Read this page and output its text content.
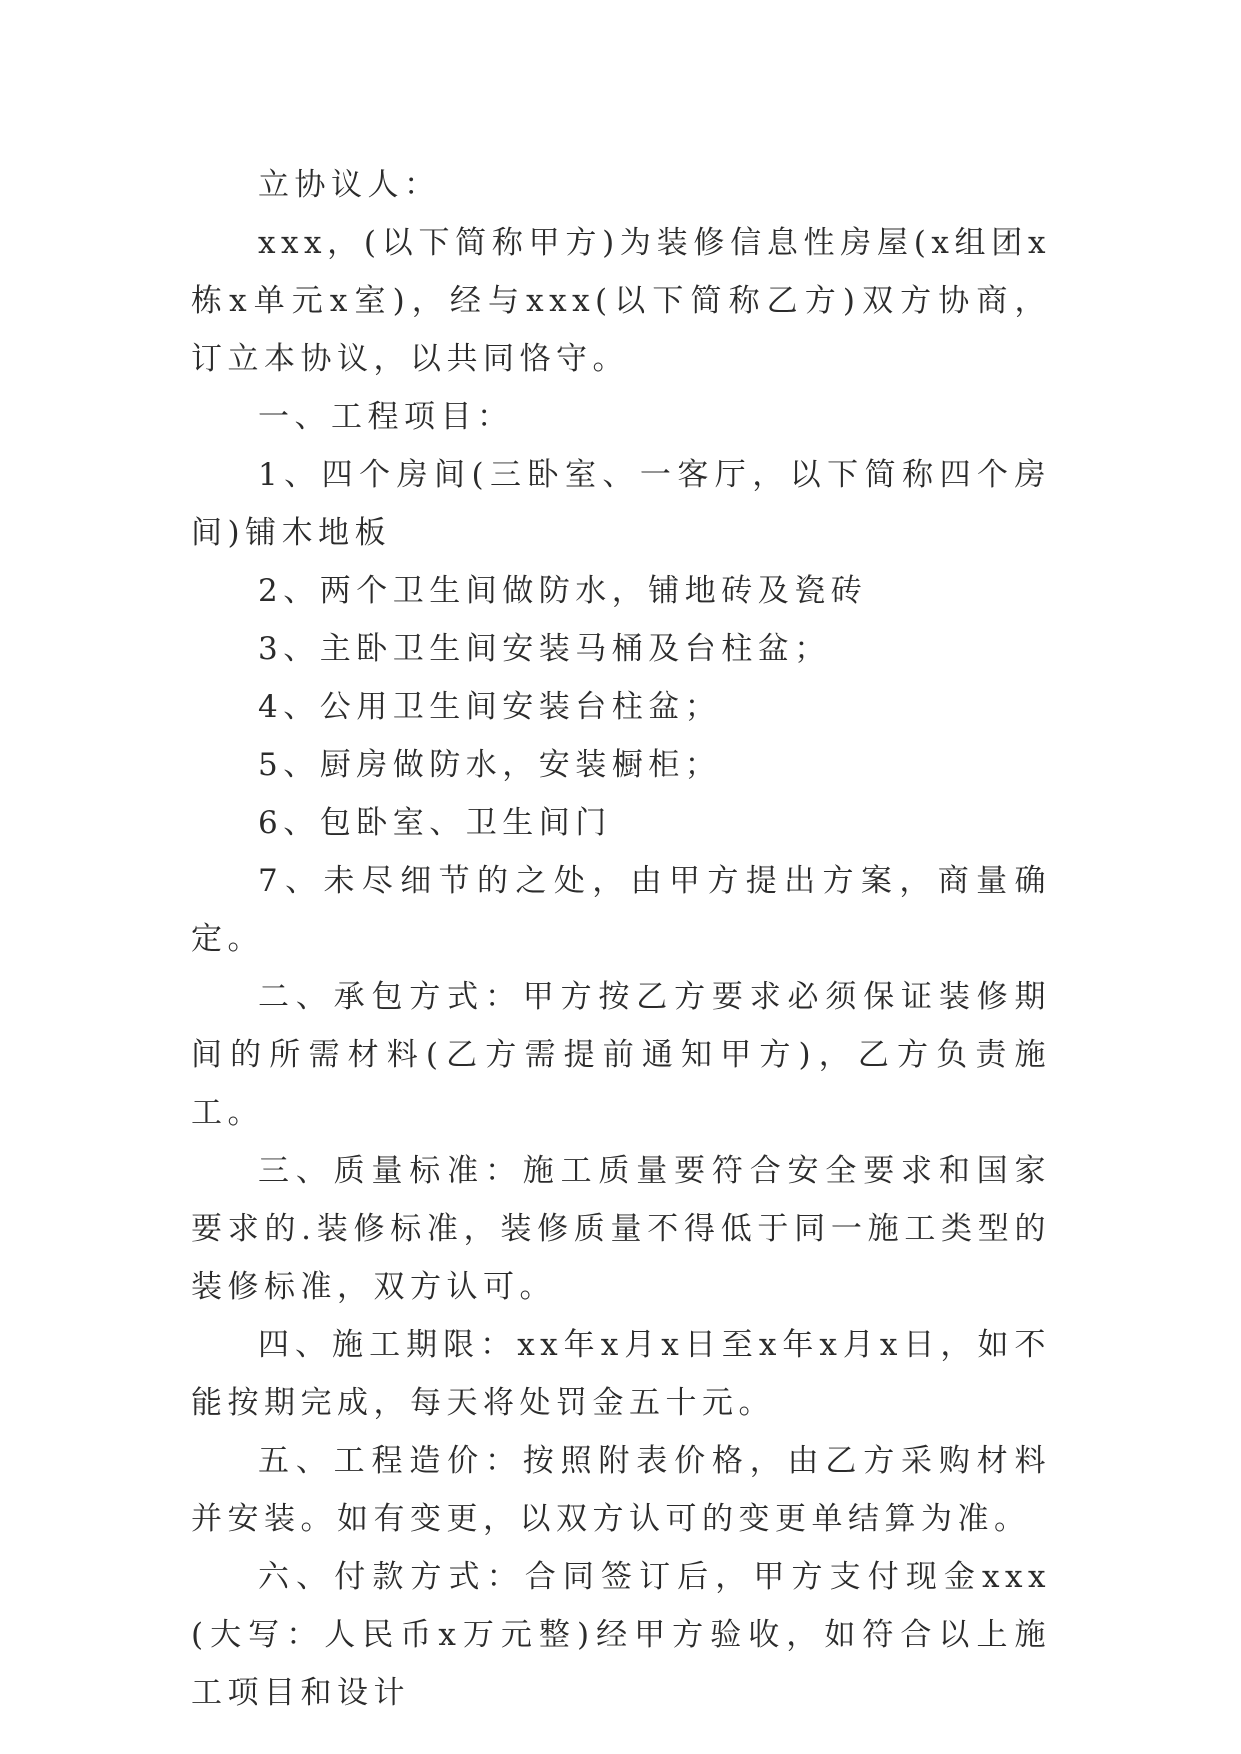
立协议人：

xxx，(以下简称甲方)为装修信息性房屋(x组团x栋x单元x室)，经与xxx(以下简称乙方)双方协商，订立本协议，以共同恪守。

一、工程项目：

1、四个房间(三卧室、一客厅，以下简称四个房间)铺木地板

2、两个卫生间做防水，铺地砖及瓷砖

3、主卧卫生间安装马桶及台柱盆；

4、公用卫生间安装台柱盆；

5、厨房做防水，安装橱柜；

6、包卧室、卫生间门

7、未尽细节的之处，由甲方提出方案，商量确定。

二、承包方式：甲方按乙方要求必须保证装修期间的所需材料(乙方需提前通知甲方)，乙方负责施工。

三、质量标准：施工质量要符合安全要求和国家要求的.装修标准，装修质量不得低于同一施工类型的装修标准，双方认可。

四、施工期限：xx年x月x日至x年x月x日，如不能按期完成，每天将处罚金五十元。

五、工程造价：按照附表价格，由乙方采购材料并安装。如有变更，以双方认可的变更单结算为准。

六、付款方式：合同签订后，甲方支付现金xxx(大写：人民币x万元整)经甲方验收，如符合以上施工项目和设计
